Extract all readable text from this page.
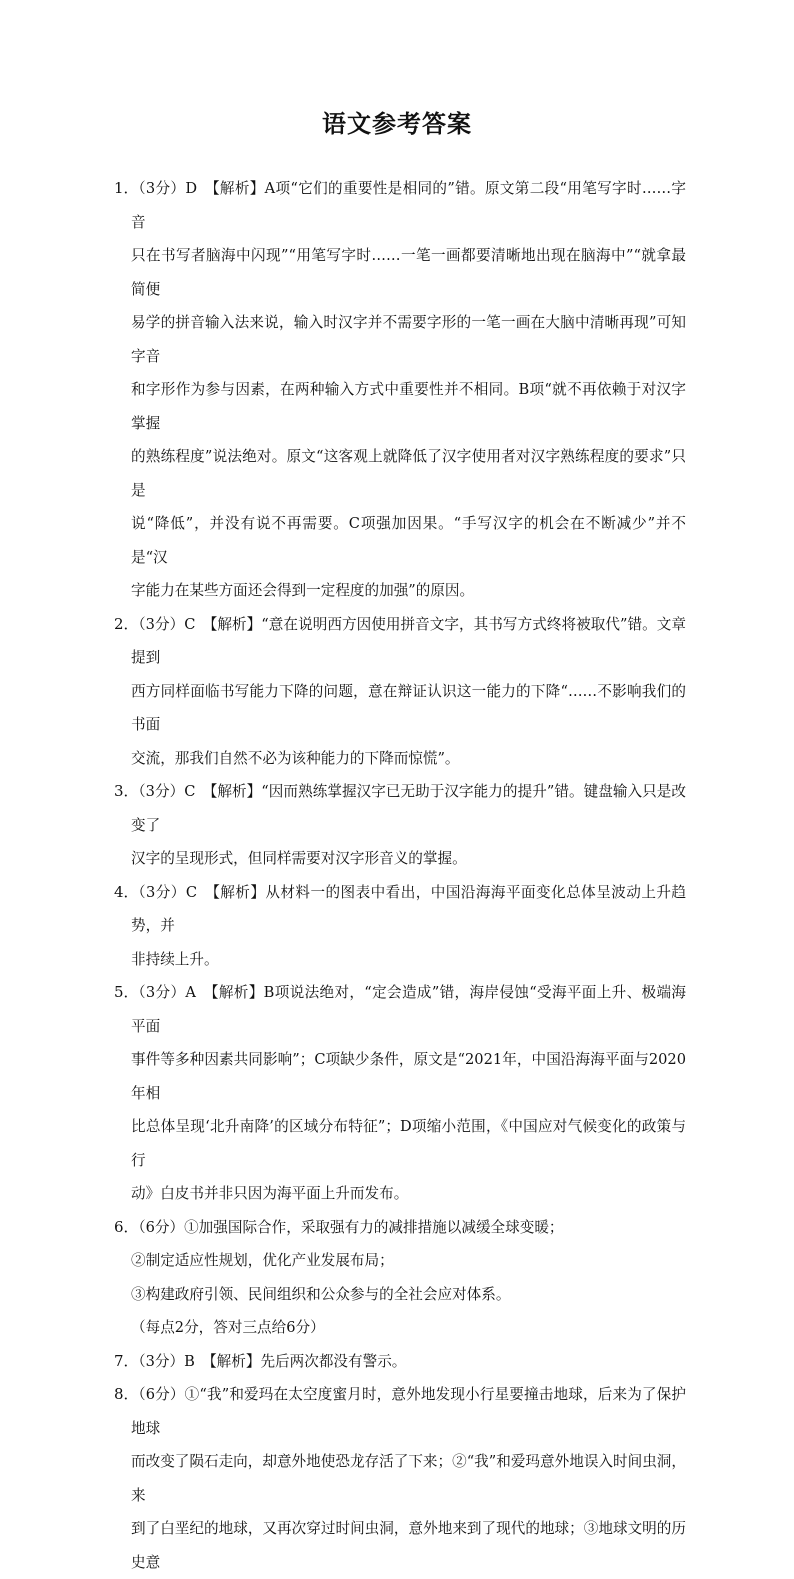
语文参考答案
1．
（3分）D　【解析】A项“它们的重要性是相同的”错。原文第二段“用笔写字时……字音
只在书写者脑海中闪现”“用笔写字时……一笔一画都要清晰地出现在脑海中”“就拿最简便
易学的拼音输入法来说，输入时汉字并不需要字形的一笔一画在大脑中清晰再现”可知字音
和字形作为参与因素，在两种输入方式中重要性并不相同。B项“就不再依赖于对汉字掌握
的熟练程度”说法绝对。原文“这客观上就降低了汉字使用者对汉字熟练程度的要求”只是
说“降低”，并没有说不再需要。C项强加因果。“手写汉字的机会在不断减少”并不是“汉
字能力在某些方面还会得到一定程度的加强”的原因。
2．
（3分）C　【解析】“意在说明西方因使用拼音文字，其书写方式终将被取代”错。文章提到
西方同样面临书写能力下降的问题，意在辩证认识这一能力的下降“……不影响我们的书面
交流，那我们自然不必为该种能力的下降而惊慌”。
3．
（3分）C　【解析】“因而熟练掌握汉字已无助于汉字能力的提升”错。键盘输入只是改变了
汉字的呈现形式，但同样需要对汉字形音义的掌握。
4．
（3分）C　【解析】从材料一的图表中看出，中国沿海海平面变化总体呈波动上升趋势，并
非持续上升。
5．
（3分）A　【解析】B项说法绝对，“定会造成”错，海岸侵蚀“受海平面上升、极端海平面
事件等多种因素共同影响”；C项缺少条件，原文是“2021年，中国沿海海平面与2020年相
比总体呈现‘北升南降’的区域分布特征”；D项缩小范围，《中国应对气候变化的政策与行
动》白皮书并非只因为海平面上升而发布。
6．
（6分）①加强国际合作，采取强有力的减排措施以减缓全球变暖；
②制定适应性规划，优化产业发展布局；
③构建政府引领、民间组织和公众参与的全社会应对体系。
（每点2分，答对三点给6分）
7．
（3分）B　【解析】先后两次都没有警示。
8．
（6分）①“我”和爱玛在太空度蜜月时，意外地发现小行星要撞击地球，后来为了保护地球
而改变了陨石走向，却意外地使恐龙存活了下来；②“我”和爱玛意外地误入时间虫洞，来
到了白垩纪的地球，又再次穿过时间虫洞，意外地来到了现代的地球；③地球文明的历史意
